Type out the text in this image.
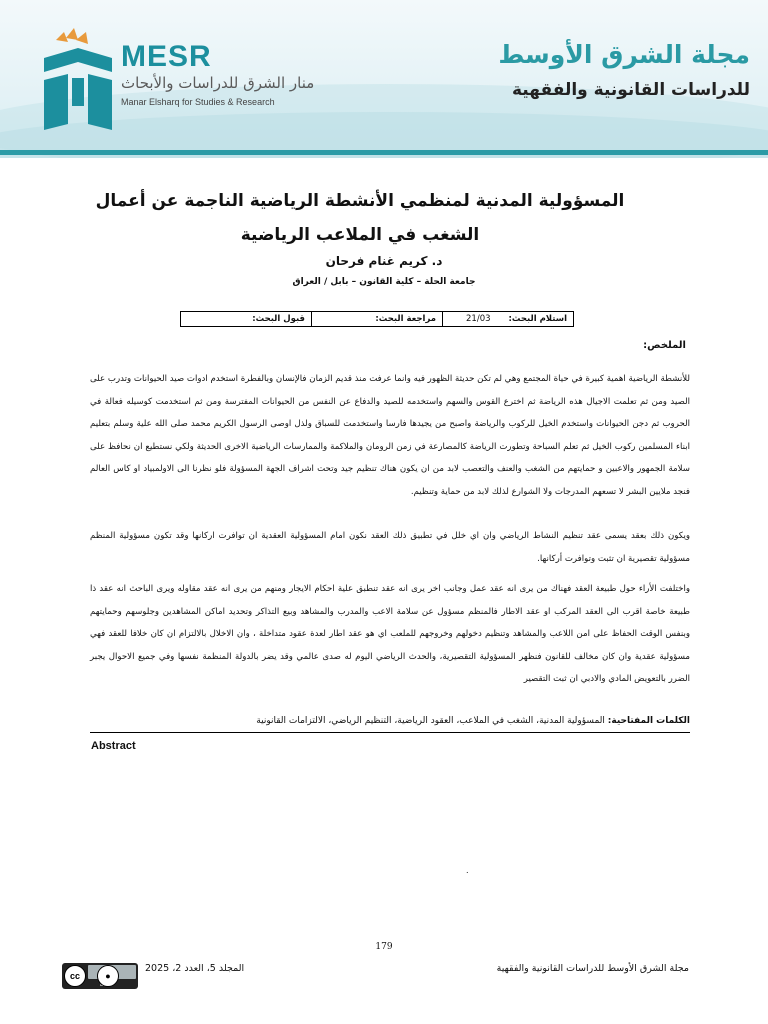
MESR
منار الشرق للدراسات والأبحاث
Manar Elsharq for Studies & Research
مجلة الشرق الأوسط
للدراسات القانونية والفقهية
المسؤولية المدنية لمنظمي الأنشطة الرياضية الناجمة عن أعمال الشغب في الملاعب الرياضية
د. كريم غنام فرحان
جامعة الحلة – كلية القانون – بابل / العراق
استلام البحث:
21/03
مراجعة البحث:
قبول البحث:
الملخص:
للأنشطة الرياضية اهمية كبيرة في حياة المجتمع وهي لم تكن حديثة الظهور فيه وانما عرفت منذ قديم الزمان فالإنسان وبالفطرة استخدم ادوات صيد الحيوانات وتدرب على الصيد ومن ثم تعلمت الاجيال هذه الرياضة ثم اخترع القوس والسهم واستخدمه للصيد والدفاع عن النفس من الحيوانات المفترسة ومن ثم استخدمت كوسيله فعالة في الحروب ثم دجن الحيوانات واستخدم الخيل للركوب والرياضة واصبح من يجيدها فارسا واستخدمت للسباق ولذل اوصى الرسول الكريم محمد صلى الله علية وسلم بتعليم ابناء المسلمين ركوب الخيل ثم تعلم السباحة وتطورت الرياضة كالمصارعة في زمن الرومان والملاكمة والممارسات الرياضية الاخرى الحديثة ولكي نستطيع ان نحافظ على سلامة الجمهور والاعبين و حمايتهم من الشغب والعنف والتعصب لابد من ان يكون هناك تنظيم جيد وتحت اشراف الجهة المسؤولة فلو نظرنا الى الاولمبياد او كاس العالم فنجد ملايين البشر لا تسعهم المدرجات ولا الشوارع لذلك لابد من حماية وتنظيم.
ويكون ذلك بعقد يسمى عقد تنظيم النشاط الرياضي وان اي خلل في تطبيق ذلك العقد نكون امام المسؤولية العقدية ان توافرت اركانها وقد تكون مسؤولية المنظم مسؤولية تقصيرية ان تثبت وتوافرت أركانها.
واختلفت الأراء حول طبيعة العقد فهناك من يرى انه عقد عمل وجانب اخر يرى انه عقد تنطبق علية احكام الايجار ومنهم من يرى انه عقد مقاوله ويرى الباحث انه عقد ذا طبيعة خاصة اقرب الى العقد المركب او عقد الاطار فالمنظم مسؤول عن سلامة الاعب والمدرب والمشاهد وبيع التذاكر وتحديد اماكن المشاهدين وجلوسهم وحمايتهم وبنفس الوقت الحفاظ على امن اللاعب والمشاهد وتنظيم دخولهم وخروجهم للملعب اي هو عقد اطار لعدة عقود متداخلة ، وان الاخلال بالالتزام ان كان خلافا للعقد فهي مسؤولية عقدية وان كان مخالف للقانون فنظهر المسؤولية التقصيرية، والحدث الرياضي اليوم له صدى عالمي وقد يضر بالدولة المنظمة نفسها وفي جميع الاحوال يجبر الضرر بالتعويض المادي والادبي ان ثبت التقصير
الكلمات المفتاحية: المسؤولية المدنية، الشغب في الملاعب، العقود الرياضية، التنظيم الرياضي، الالتزامات القانونية
Abstract
.
179
مجلة الشرق الأوسط للدراسات القانونية والفقهية
المجلد 5، العدد 2، 2025
cc	●
